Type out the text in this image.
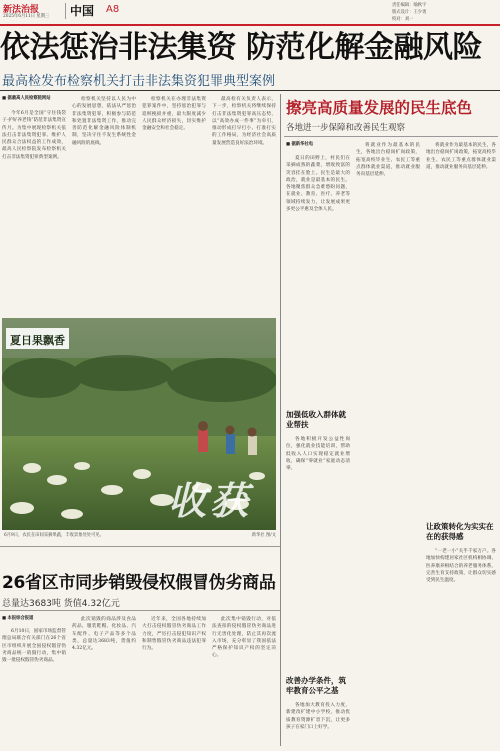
新法治报
2025年6月11日 星期三 中国 A8	责任编辑：喻秋宇
版式设计：王少勇
校对：刘一
依法惩治非法集资 防范化解金融风险
最高检发布检察机关打击非法集资犯罪典型案例
■ 据最高人民检察院网站
今年6月是全国“守住钱袋子·护好养老钱”防范非法集资宣传月。为集中展现检察机关依法打击非法集资犯罪、维护人民群众合法权益的工作成效，最高人民检察院发布检察机关打击非法集资犯罪典型案例。
检察机关坚持以人民为中心的发展思想，依法从严惩治非法集资犯罪，积极参与防范和处置非法集资工作，推动完善防范化解金融风险体制机制，坚决守住不发生系统性金融风险的底线。
检察机关在办理非法集资犯罪案件中，坚持惩治犯罪与追赃挽损并重，最大限度减少人民群众经济损失，切实维护金融安全和社会稳定。
最高检有关负责人表示，下一步，检察机关将继续保持打击非法集资犯罪高压态势，以“高效办成一件事”为牵引，推动形成打早打小、打准打实的工作格局，为经济社会高质量发展营造良好法治环境。
擦亮高质量发展的民生底色
各地进一步保障和改善民生观察
■ 据新华社电
夏日的田野上，村民们在采摘成熟的蔬菜，增收致富的笑容挂在脸上。民生是最大的政治，就业是最基本的民生。各地聚焦群众急难愁盼问题，在就业、教育、医疗、养老等领域持续发力，让发展成果更多更公平惠及全体人民。
加强低收入群体就业帮扶
各地积极开发公益性岗位，强化就业技能培训，帮助低收入人口实现稳定就业增收，确保“零就业”家庭动态清零。
改善办学条件，筑牢教育公平之基
各地加大教育投入力度，新建改扩建中小学校，推动优质教育资源扩容下沉，让更多孩子在家门口上好学。
将就业作为最基本的民生，各地出台稳岗扩岗政策，拓宽高校毕业生、农民工等重点群体就业渠道，推动就业服务向基层延伸。
将就业作为最基本的民生，各地出台稳岗扩岗政策，拓宽高校毕业生、农民工等重点群体就业渠道，推动就业服务向基层延伸。
让政策转化为实实在在的获得感
“一老一小”关乎千家万户。各地加快构建居家社区机构相协调、医养康养相结合的养老服务体系，完善生育支持政策，让群众切实感受到民生温度。
夏日果飘香
收获
6月9日，农民在田间采摘果蔬，丰收景象处处可见。	新华社 图/文
26省区市同步销毁侵权假冒伪劣商品
总量达3683吨 货值4.32亿元
■ 本报综合报道
6月10日，国家市场监督管理总局联合有关部门在26个省区市组织开展全国侵权假冒伪劣商品统一销毁行动，集中销毁一批侵权假冒伪劣商品。
此次销毁的商品涉及食品药品、服装鞋帽、化妆品、汽车配件、电子产品等多个品类，总量达3683吨，货值约4.32亿元。
近年来，全国各地持续加大打击侵权假冒伪劣商品工作力度，严厉打击侵犯知识产权和制售假冒伪劣商品违法犯罪行为。
此次集中销毁行动，对依法查扣的侵权假冒伪劣商品进行无害化处理，防止其再次流入市场，充分彰显了我国依法严格保护知识产权的坚定决心。
